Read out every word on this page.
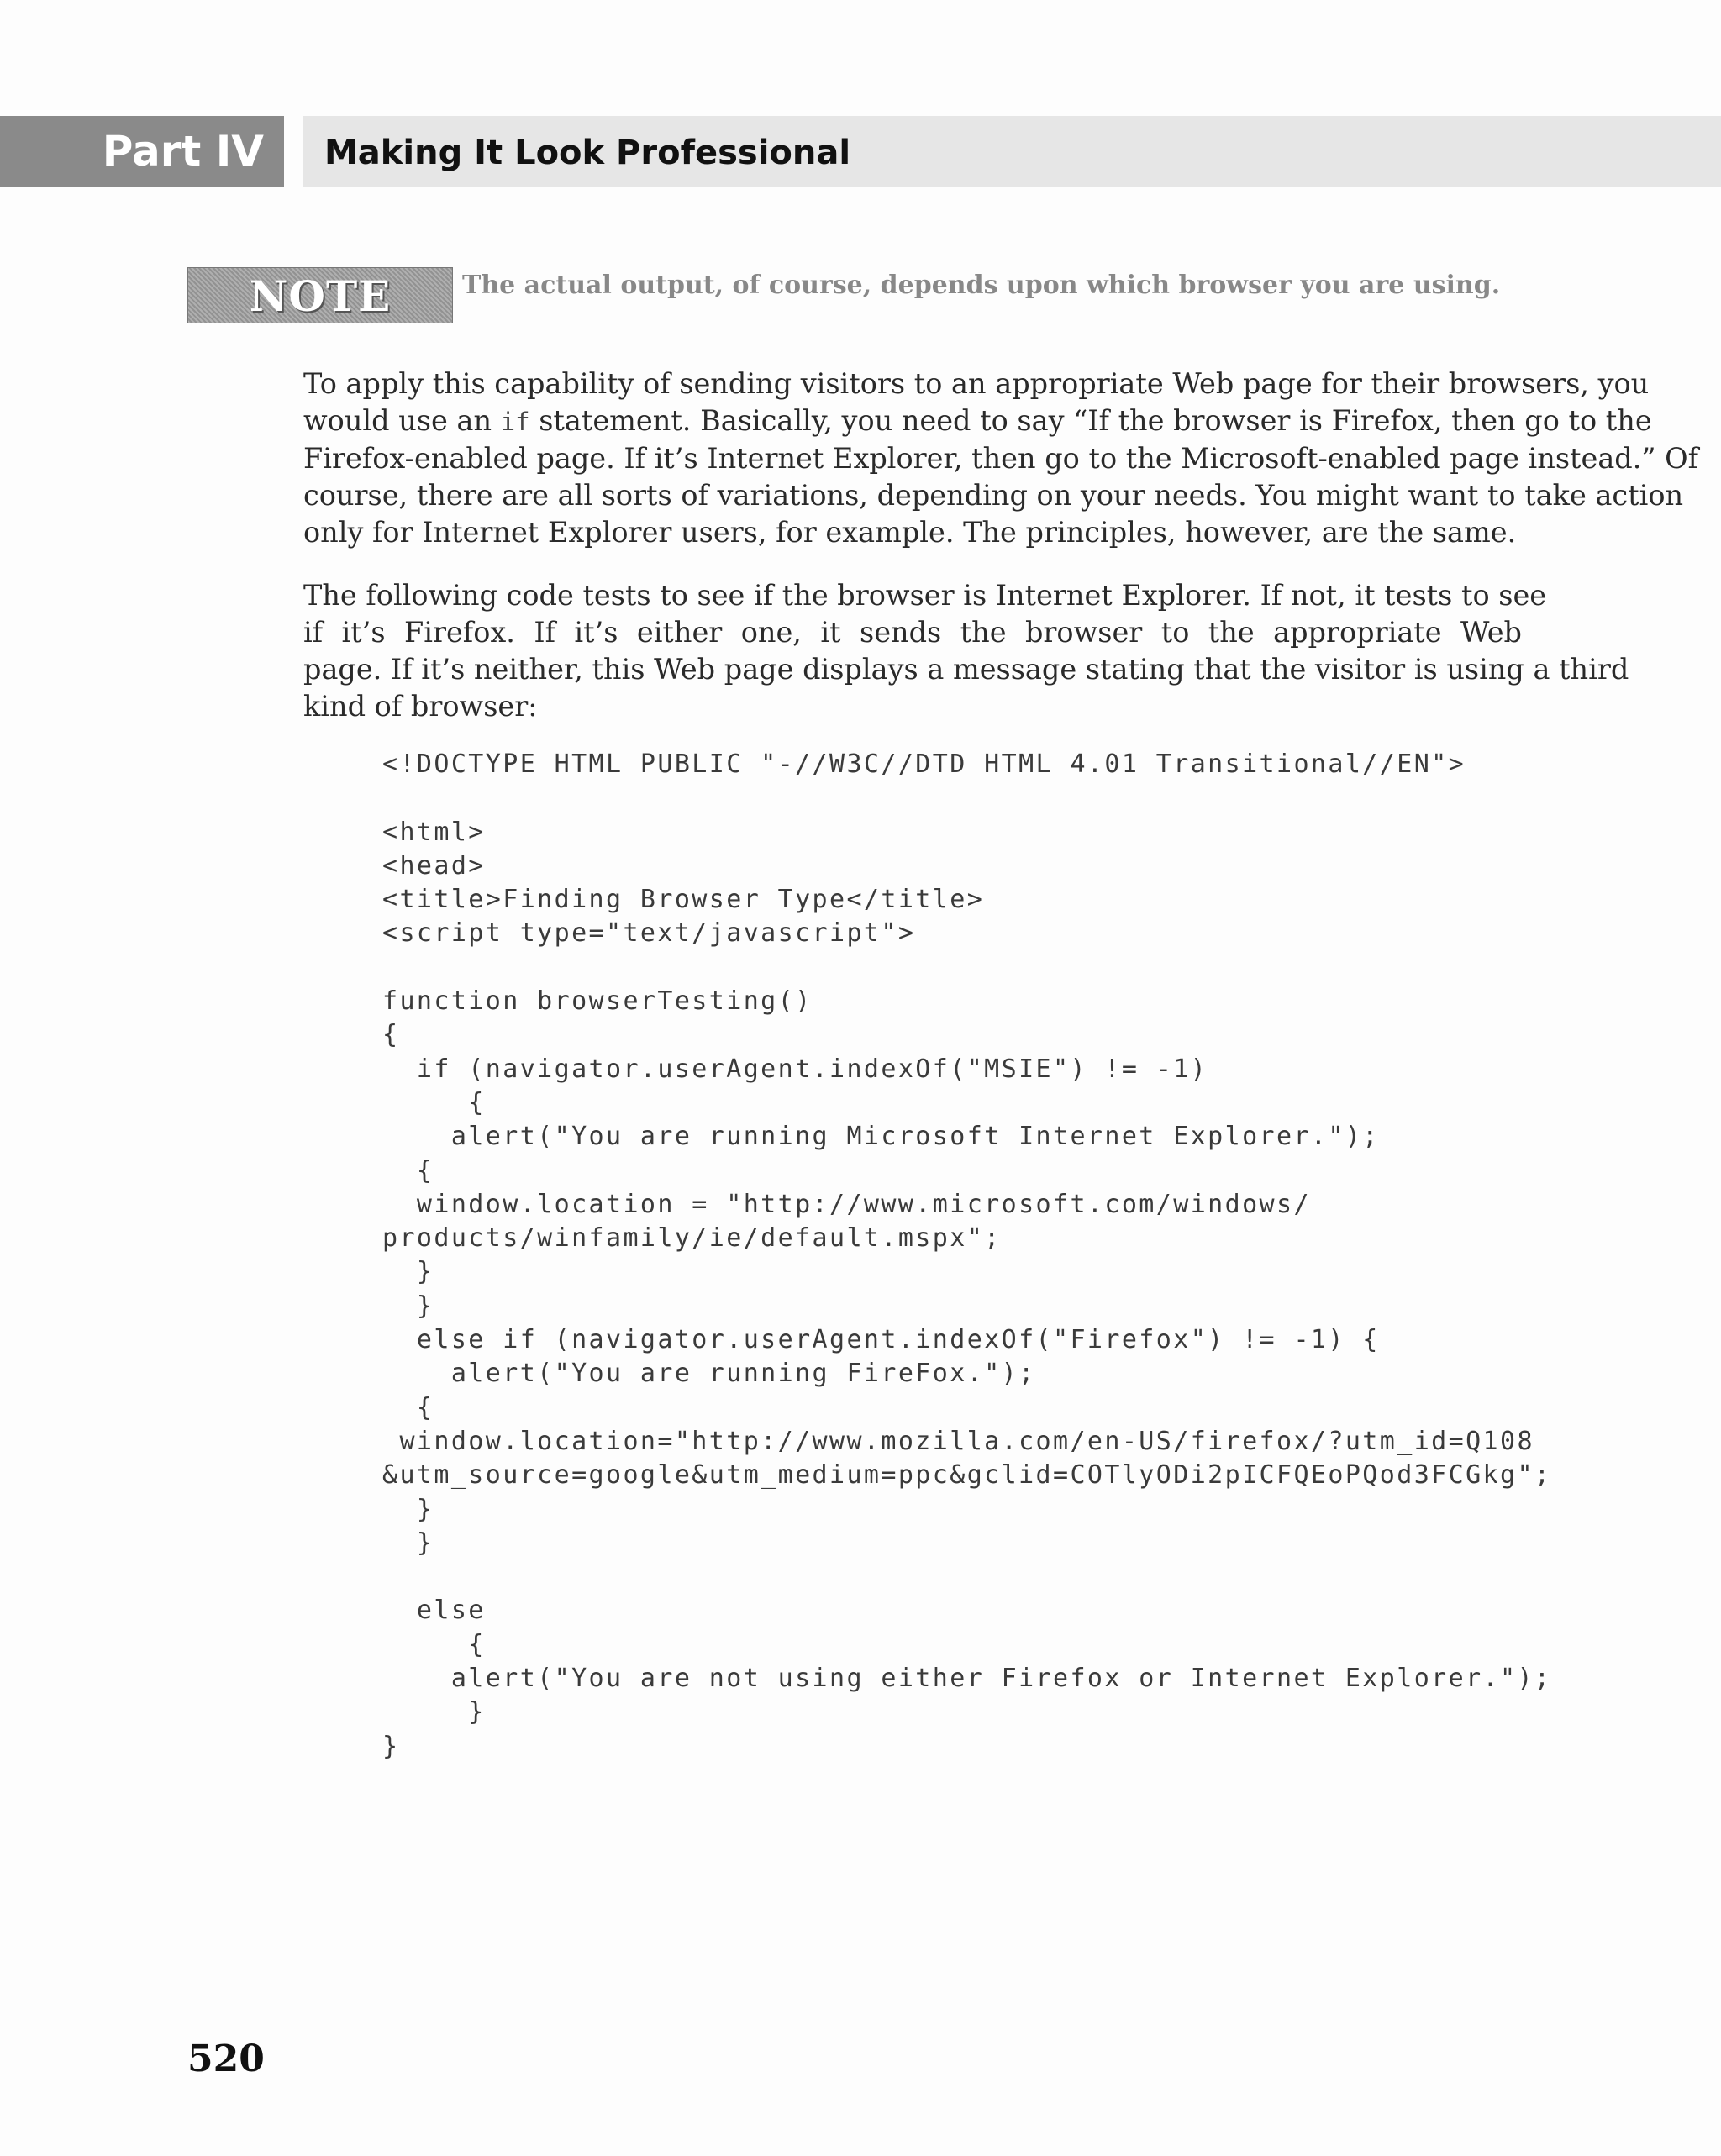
Part IV	Making It Look Professional
NOTE	The actual output, of course, depends upon which browser you are using.
To apply this capability of sending visitors to an appropriate Web page for their browsers, you
would use an if statement. Basically, you need to say “If the browser is Firefox, then go to the
Firefox-enabled page. If it’s Internet Explorer, then go to the Microsoft-enabled page instead.” Of
course, there are all sorts of variations, depending on your needs. You might want to take action
only for Internet Explorer users, for example. The principles, however, are the same.
The following code tests to see if the browser is Internet Explorer. If not, it tests to see
if it’s Firefox. If it’s either one, it sends the browser to the appropriate Web
page. If it’s neither, this Web page displays a message stating that the visitor is using a third
kind of browser:
<!DOCTYPE HTML PUBLIC "-//W3C//DTD HTML 4.01 Transitional//EN">
<html>
<head>
<title>Finding Browser Type</title>
<script type="text/javascript">
function browserTesting()
{
if (navigator.userAgent.indexOf("MSIE") != -1)
{
alert("You are running Microsoft Internet Explorer.");
{
window.location = "http://www.microsoft.com/windows/
products/winfamily/ie/default.mspx";
}
}
else if (navigator.userAgent.indexOf("Firefox") != -1) {
alert("You are running FireFox.");
{
window.location="http://www.mozilla.com/en-US/firefox/?utm_id=Q108
&utm_source=google&utm_medium=ppc&gclid=COTlyODi2pICFQEoPQod3FCGkg";
}
}
else
{
alert("You are not using either Firefox or Internet Explorer.");
}
}
520
